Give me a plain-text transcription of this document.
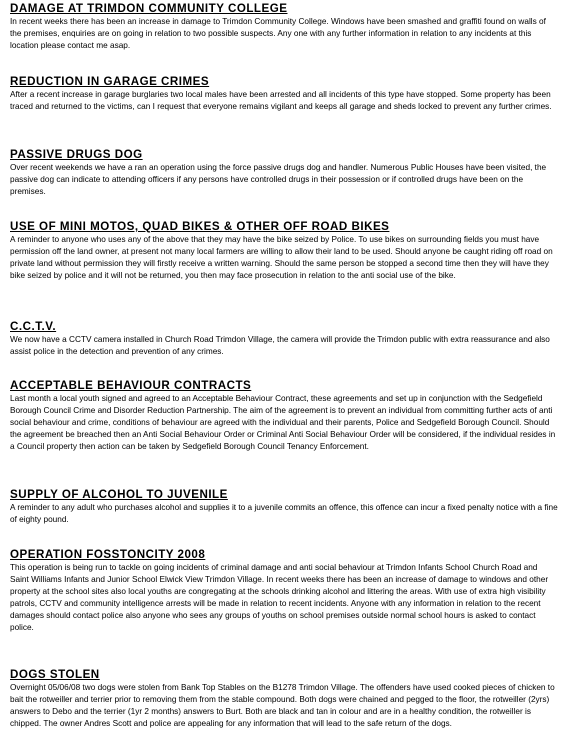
DAMAGE AT TRIMDON COMMUNITY COLLEGE

In recent weeks there has been an increase in damage to Trimdon Community College. Windows have been smashed and graffiti found on walls of the premises, enquiries are on going in relation to two possible suspects. Any one with any further information in relation to any incidents at this location please contact me asap.

REDUCTION IN GARAGE CRIMES

After a recent increase in garage burglaries two local males have been arrested and all incidents of this type have stopped. Some property has been traced and returned to the victims, can I request that everyone remains vigilant and keeps all garage and sheds locked to prevent any further crimes.

PASSIVE DRUGS DOG

Over recent weekends we have a ran an operation using the force passive drugs dog and handler. Numerous Public Houses have been visited, the passive dog can indicate to attending officers if any persons have controlled drugs in their possession or if controlled drugs have been on the premises.

USE OF MINI MOTOS, QUAD BIKES & OTHER OFF ROAD BIKES

A reminder to anyone who uses any of the above that they may have the bike seized by Police. To use bikes on surrounding fields you must have permission off the land owner, at present not many local farmers are willing to allow their land to be used. Should anyone be caught riding off road on private land without permission they will firstly receive a written warning. Should the same person be stopped a second time then they will have they bike seized by police and it will not be returned, you then may face prosecution in relation to the anti social use of the bike.

C.C.T.V.

We now have a CCTV camera installed in Church Road Trimdon Village, the camera will provide the Trimdon public with extra reassurance and also assist police in the detection and prevention of any crimes.

ACCEPTABLE BEHAVIOUR CONTRACTS

Last month a local youth signed and agreed to an Acceptable Behaviour Contract, these agreements and set up in conjunction with the Sedgefield Borough Council Crime and Disorder Reduction Partnership. The aim of the agreement is to prevent an individual from committing further acts of anti social behaviour and crime, conditions of behaviour are agreed with the individual and their parents, Police and Sedgefield Borough Council. Should the agreement be breached then an Anti Social Behaviour Order or Criminal Anti Social Behaviour Order will be considered, if the individual resides in a Council property then action can be taken by Sedgefield Borough Council Tenancy Enforcement.

SUPPLY OF ALCOHOL TO JUVENILE

A reminder to any adult who purchases alcohol and supplies it to a juvenile commits an offence, this offence can incur a fixed penalty notice with a fine of eighty pound.

OPERATION FOSSTONCITY 2008

This operation is being run to tackle on going incidents of criminal damage and anti social behaviour at Trimdon Infants School Church Road and Saint Williams Infants and Junior School Elwick View Trimdon Village. In recent weeks there has been an increase of damage to windows and other property at the school sites also local youths are congregating at the schools drinking alcohol and littering the areas. With use of extra high visibility patrols, CCTV and community intelligence arrests will be made in relation to recent incidents. Anyone with any information in relation to the recent damages should contact police also anyone who sees any groups of youths on school premises outside normal school hours is asked to contact police.

DOGS STOLEN

Overnight 05/06/08 two dogs were stolen from Bank Top Stables on the B1278 Trimdon Village. The offenders have used cooked pieces of chicken to bait the rotweiller and terrier prior to removing them from the stable compound. Both dogs were chained and pegged to the floor, the rotweiller (2yrs) answers to Debo and the terrier (1yr 2 months) answers to Burt. Both are black and tan in colour and are in a healthy condition, the rotweiller is chipped. The owner Andres Scott and police are appealing for any information that will lead to the safe return of the dogs.
